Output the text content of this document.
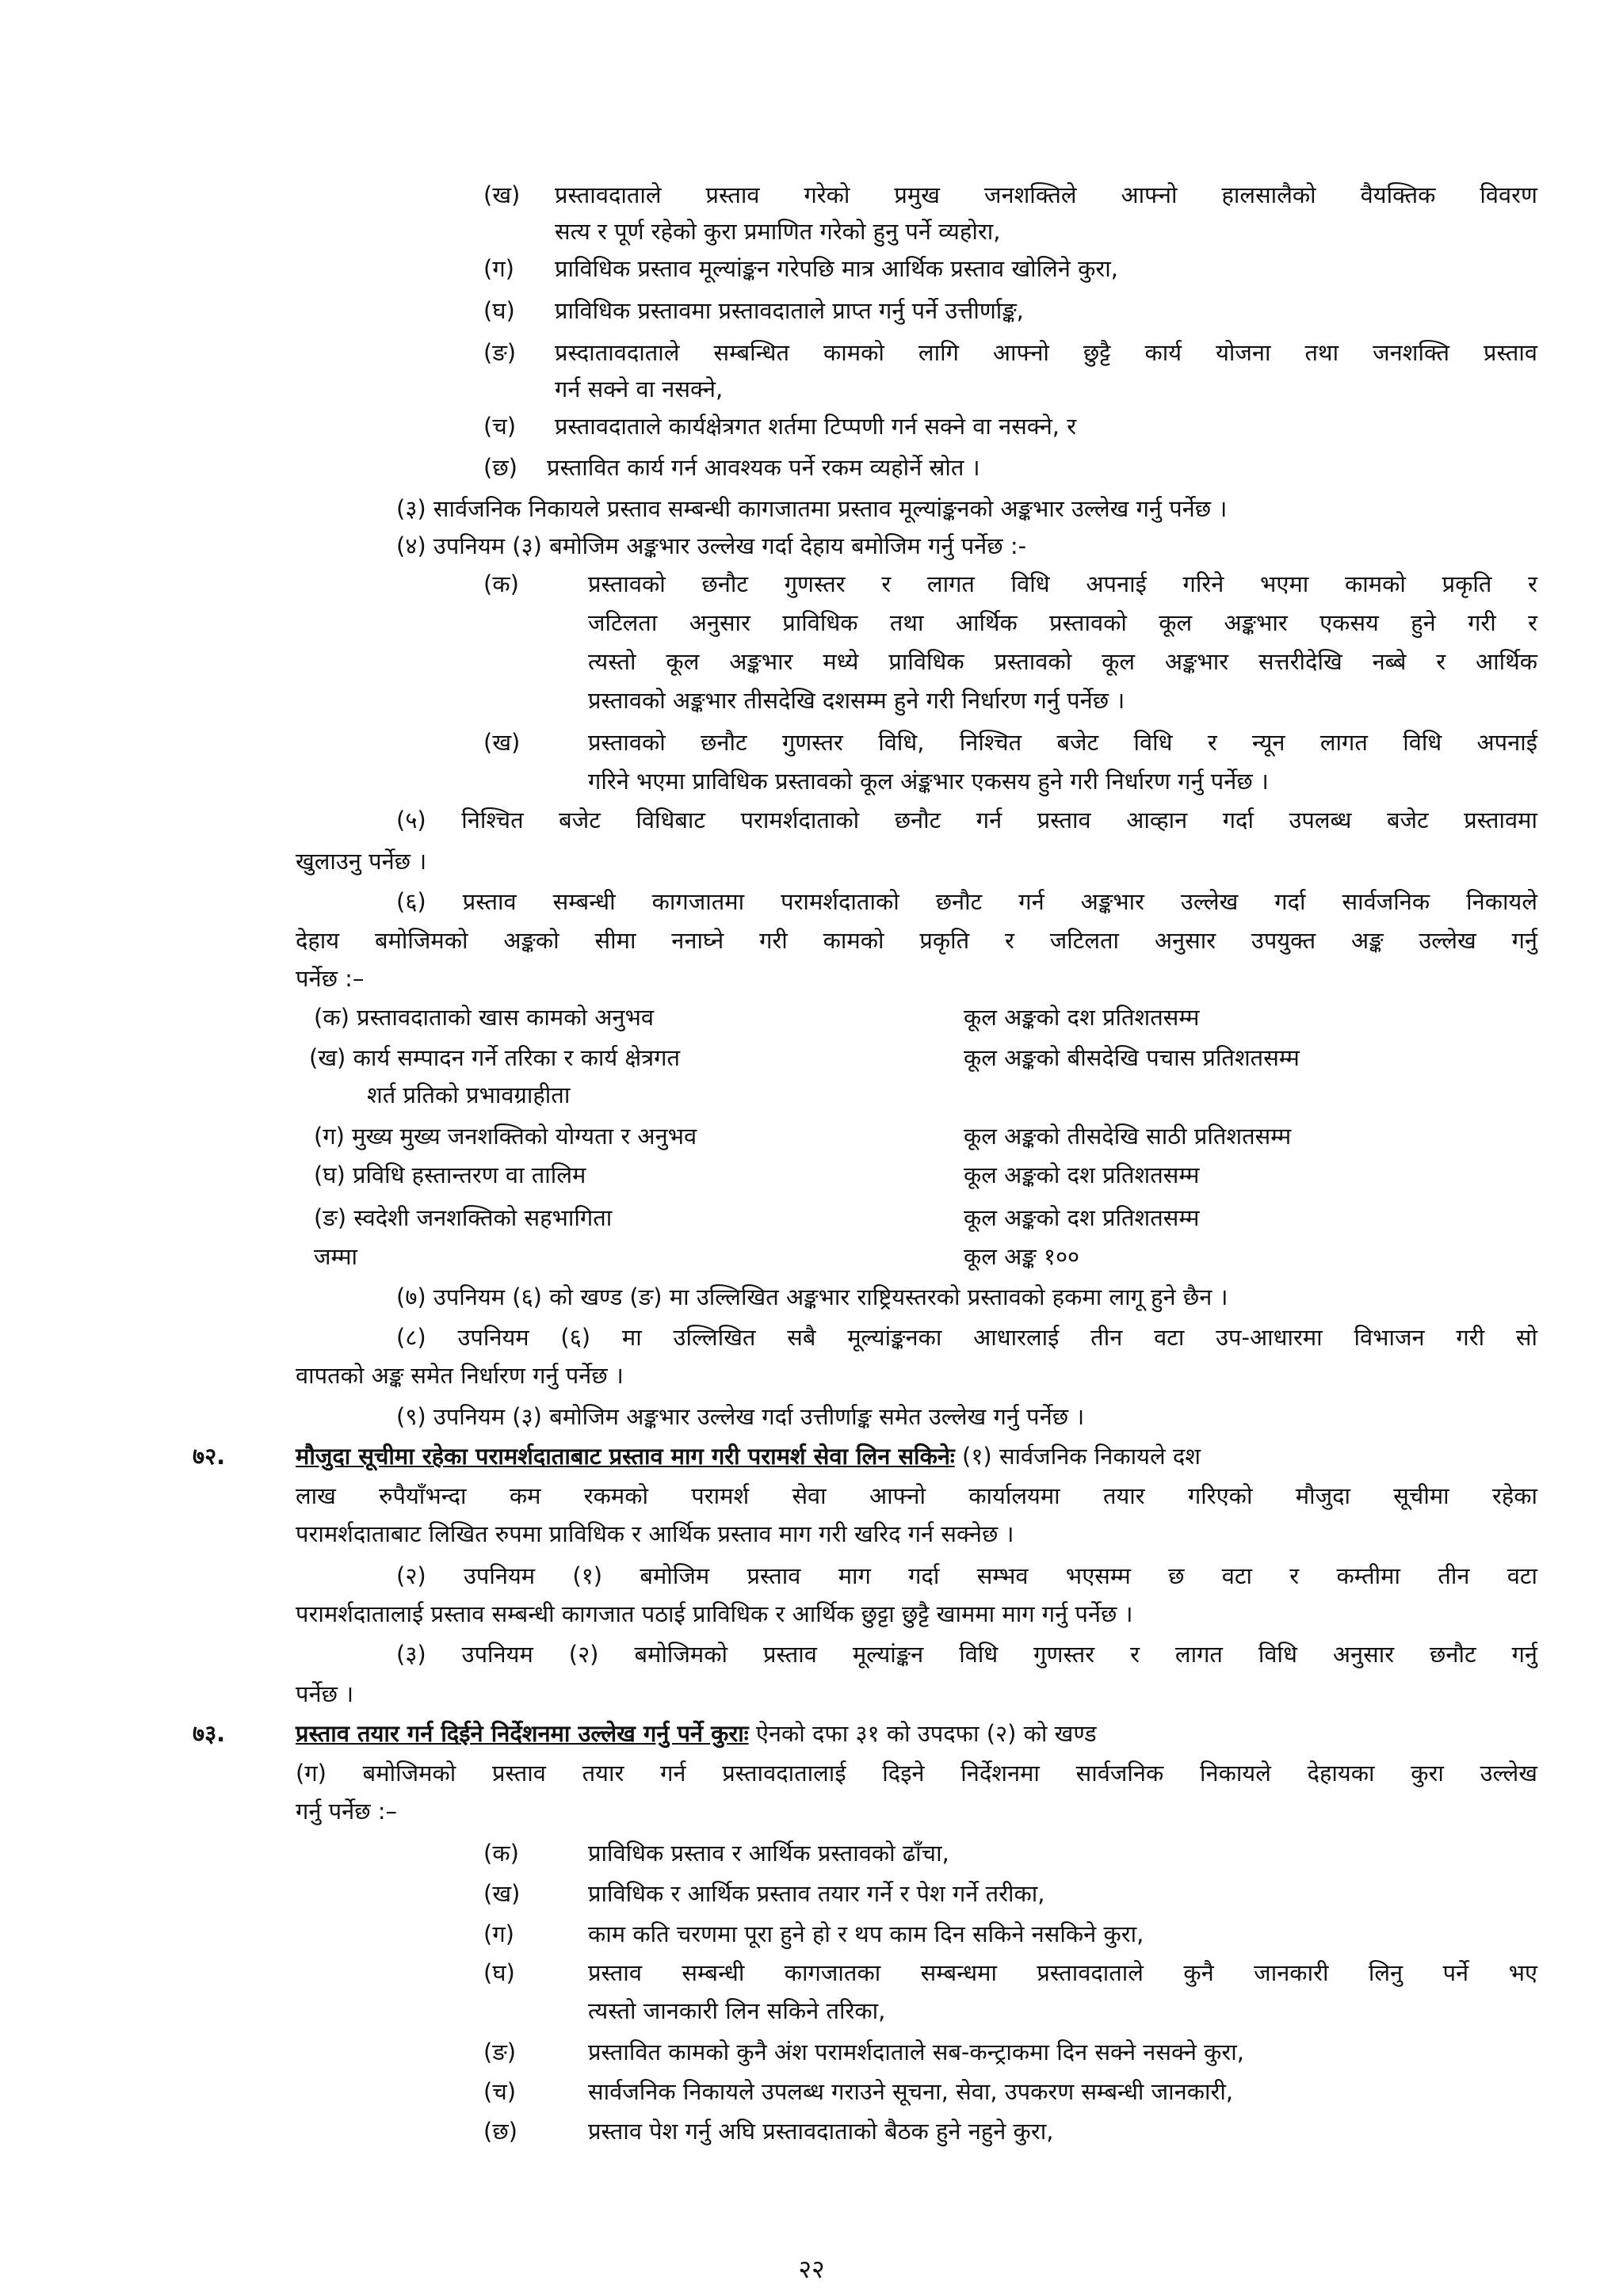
(ख) प्रस्तावदाताले प्रस्ताव गरेको प्रमुख जनशक्तिले आफ्नो हालसालैको वैयक्तिक विवरण
सत्य र पूर्ण रहेको कुरा प्रमाणित गरेको हुनु पर्ने व्यहोरा,
(ग) प्राविधिक प्रस्ताव मूल्यांङ्कन गरेपछि मात्र आर्थिक प्रस्ताव खोलिने कुरा,
(घ) प्राविधिक प्रस्तावमा प्रस्तावदाताले प्राप्त गर्नु पर्ने उत्तीर्णाङ्क,
(ङ) प्रस्दातावदाताले सम्बन्धित कामको लागि आफ्नो छुट्टै कार्य योजना तथा जनशक्ति प्रस्ताव
गर्न सक्ने वा नसक्ने,
(च) प्रस्तावदाताले कार्यक्षेत्रगत शर्तमा टिप्पणी गर्न सक्ने वा नसक्ने, र
(छ) प्रस्तावित कार्य गर्न आवश्यक पर्ने रकम व्यहोर्ने स्रोत ।
(३) सार्वजनिक निकायले प्रस्ताव सम्बन्धी कागजातमा प्रस्ताव मूल्यांङ्कनको अङ्कभार उल्लेख गर्नु पर्नेछ ।
(४) उपनियम (३) बमोजिम अङ्कभार उल्लेख गर्दा देहाय बमोजिम गर्नु पर्नेछ :-
(क)	प्रस्तावको छनौट गुणस्तर र लागत विधि अपनाई गरिने भएमा कामको प्रकृति र
जटिलता अनुसार प्राविधिक तथा आर्थिक प्रस्तावको कूल अङ्कभार एकसय हुने गरी र
त्यस्तो कूल अङ्कभार मध्ये प्राविधिक प्रस्तावको कूल अङ्कभार सत्तरीदेखि नब्बे र आर्थिक
प्रस्तावको अङ्कभार तीसदेखि दशसम्म हुने गरी निर्धारण गर्नु पर्नेछ ।
(ख)	प्रस्तावको छनौट गुणस्तर विधि, निश्चित बजेट विधि र न्यून लागत विधि अपनाई
गरिने भएमा प्राविधिक प्रस्तावको कूल अंङ्कभार एकसय हुने गरी निर्धारण गर्नु पर्नेछ ।
(५) निश्चित बजेट विधिबाट परामर्शदाताको छनौट गर्न प्रस्ताव आव्हान गर्दा उपलब्ध बजेट प्रस्तावमा
खुलाउनु पर्नेछ ।
(६) प्रस्ताव सम्बन्धी कागजातमा परामर्शदाताको छनौट गर्न अङ्कभार उल्लेख गर्दा सार्वजनिक निकायले
देहाय बमोजिमको अङ्कको सीमा ननाघ्ने गरी कामको प्रकृति र जटिलता अनुसार उपयुक्त अङ्क उल्लेख गर्नु
पर्नेछ :–
(क) प्रस्तावदाताको खास कामको अनुभव	कूल अङ्कको दश प्रतिशतसम्म
(ख) कार्य सम्पादन गर्ने तरिका र कार्य क्षेत्रगत
शर्त प्रतिको प्रभावग्राहीता
कूल अङ्कको बीसदेखि पचास प्रतिशतसम्म
(ग) मुख्य मुख्य जनशक्तिको योग्यता र अनुभव	कूल अङ्कको तीसदेखि साठी प्रतिशतसम्म
(घ) प्रविधि हस्तान्तरण वा तालिम	कूल अङ्कको दश प्रतिशतसम्म
(ङ) स्वदेशी जनशक्तिको सहभागिता	कूल अङ्कको दश प्रतिशतसम्म
जम्मा	कूल अङ्क १००
(७) उपनियम (६) को खण्ड (ङ) मा उल्लिखित अङ्कभार राष्ट्रियस्तरको प्रस्तावको हकमा लागू हुने छैन ।
(८) उपनियम (६) मा उल्लिखित सबै मूल्यांङ्कनका आधारलाई तीन वटा उप-आधारमा विभाजन गरी सो
वापतको अङ्क समेत निर्धारण गर्नु पर्नेछ ।
(९) उपनियम (३) बमोजिम अङ्कभार उल्लेख गर्दा उत्तीर्णाङ्क समेत उल्लेख गर्नु पर्नेछ ।
७२.	मौजुदा सूचीमा रहेका परामर्शदाताबाट प्रस्ताव माग गरी परामर्श सेवा लिन सकिनेः (१) सार्वजनिक निकायले दश
लाख रुपैयाँभन्दा कम रकमको परामर्श सेवा आफ्नो कार्यालयमा तयार गरिएको मौजुदा सूचीमा रहेका
परामर्शदाताबाट लिखित रुपमा प्राविधिक र आर्थिक प्रस्ताव माग गरी खरिद गर्न सक्नेछ ।
(२) उपनियम (१) बमोजिम प्रस्ताव माग गर्दा सम्भव भएसम्म छ वटा र कम्तीमा तीन वटा
परामर्शदातालाई प्रस्ताव सम्बन्धी कागजात पठाई प्राविधिक र आर्थिक छुट्टा छुट्टै खाममा माग गर्नु पर्नेछ ।
(३) उपनियम (२) बमोजिमको प्रस्ताव मूल्यांङ्कन विधि गुणस्तर र लागत विधि अनुसार छनौट गर्नु
पर्नेछ ।
७३.	प्रस्ताव तयार गर्न दिईने निर्देशनमा उल्लेख गर्नु पर्ने कुराः ऐनको दफा ३१ को उपदफा (२) को खण्ड
(ग) बमोजिमको प्रस्ताव तयार गर्न प्रस्तावदातालाई दिइने निर्देशनमा सार्वजनिक निकायले देहायका कुरा उल्लेख
गर्नु पर्नेछ :–
(क)	प्राविधिक प्रस्ताव र आर्थिक प्रस्तावको ढाँचा,
(ख)	प्राविधिक र आर्थिक प्रस्ताव तयार गर्ने र पेश गर्ने तरीका,
(ग)	काम कति चरणमा पूरा हुने हो र थप काम दिन सकिने नसकिने कुरा,
(घ)	प्रस्ताव सम्बन्धी कागजातका सम्बन्धमा प्रस्तावदाताले कुनै जानकारी लिनु पर्ने भए
त्यस्तो जानकारी लिन सकिने तरिका,
(ङ)	प्रस्तावित कामको कुनै अंश परामर्शदाताले सब-कन्ट्राकमा दिन सक्ने नसक्ने कुरा,
(च)	सार्वजनिक निकायले उपलब्ध गराउने सूचना, सेवा, उपकरण सम्बन्धी जानकारी,
(छ)	प्रस्ताव पेश गर्नु अघि प्रस्तावदाताको बैठक हुने नहुने कुरा,
२२
